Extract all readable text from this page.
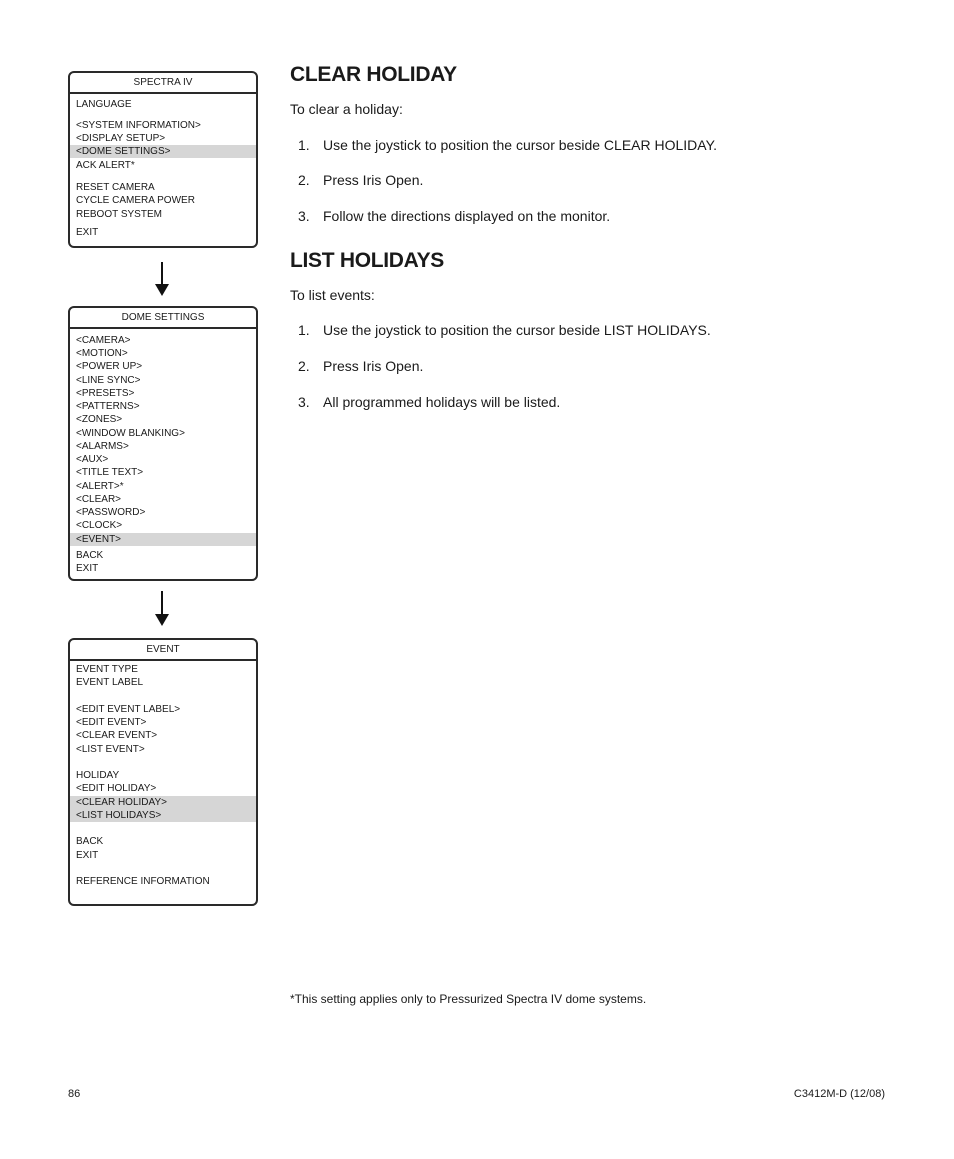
SPECTRA IV
LANGUAGE
<SYSTEM INFORMATION>
<DISPLAY SETUP>
<DOME SETTINGS>
ACK ALERT*
RESET CAMERA
CYCLE CAMERA POWER
REBOOT SYSTEM
EXIT
DOME SETTINGS
<CAMERA>
<MOTION>
<POWER UP>
<LINE SYNC>
<PRESETS>
<PATTERNS>
<ZONES>
<WINDOW BLANKING>
<ALARMS>
<AUX>
<TITLE TEXT>
<ALERT>*
<CLEAR>
<PASSWORD>
<CLOCK>
<EVENT>
BACK
EXIT
EVENT
EVENT TYPE
EVENT LABEL
<EDIT EVENT LABEL>
<EDIT EVENT>
<CLEAR EVENT>
<LIST EVENT>
HOLIDAY
<EDIT HOLIDAY>
<CLEAR HOLIDAY>
<LIST HOLIDAYS>
BACK
EXIT
REFERENCE INFORMATION
CLEAR HOLIDAY
To clear a holiday:
1. Use the joystick to position the cursor beside CLEAR HOLIDAY.
2. Press Iris Open.
3. Follow the directions displayed on the monitor.
LIST HOLIDAYS
To list events:
1. Use the joystick to position the cursor beside LIST HOLIDAYS.
2. Press Iris Open.
3. All programmed holidays will be listed.
*This setting applies only to Pressurized Spectra IV dome systems.
86	C3412M-D (12/08)
